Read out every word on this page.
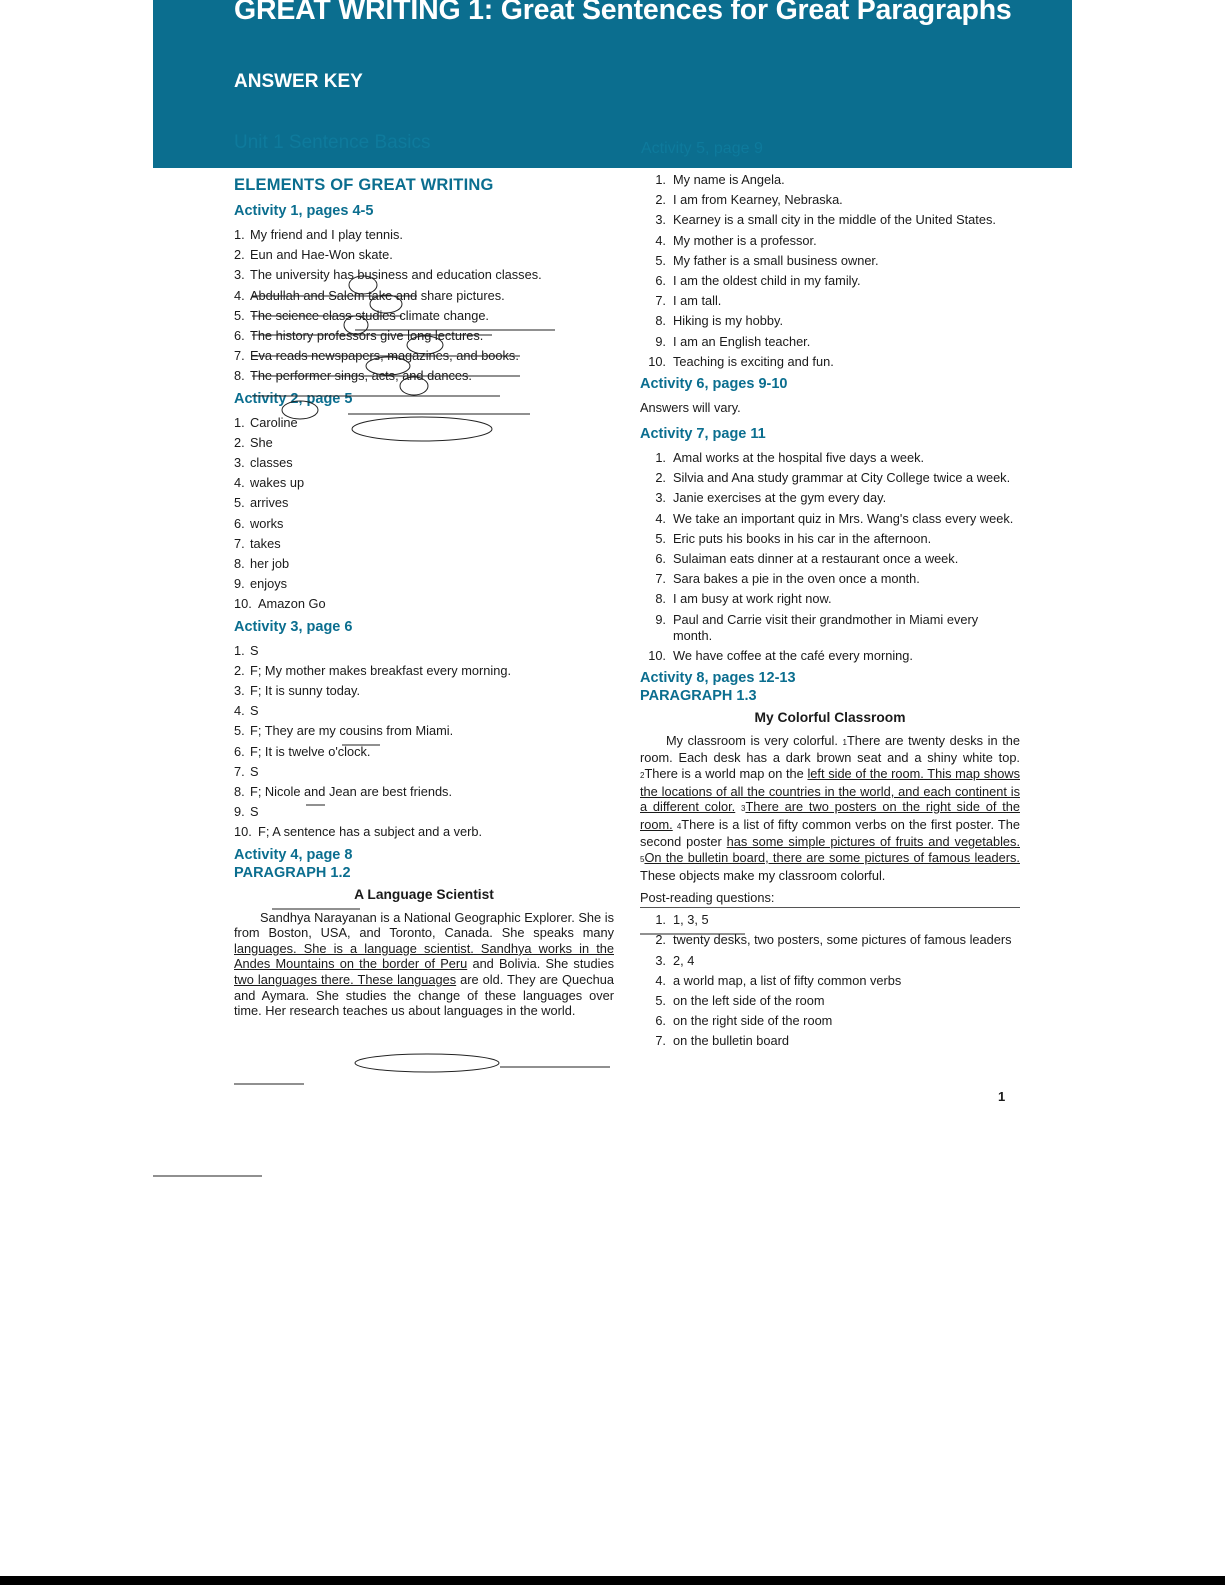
GREAT WRITING 1: Great Sentences for Great Paragraphs
ANSWER KEY
Unit 1 Sentence Basics	Activity 5, page 9
ELEMENTS OF GREAT WRITING
Activity 1, pages 4-5
1. My friend and I play tennis.
2. Eun and Hae-Won skate.
3. The university has business and education classes.
4. Abdullah and Salem take and share pictures.
5. The science class studies climate change.
6. The history professors give long lectures.
7. Eva reads newspapers, magazines, and books.
8. The performer sings, acts, and dances.
Activity 2, page 5
1. Caroline
2. She
3. classes
4. wakes up
5. arrives
6. works
7. takes
8. her job
9. enjoys
10. Amazon Go
Activity 3, page 6
1. S
2. F; My mother makes breakfast every morning.
3. F; It is sunny today.
4. S
5. F; They are my cousins from Miami.
6. F; It is twelve o'clock.
7. S
8. F; Nicole and Jean are best friends.
9. S
10. F; A sentence has a subject and a verb.
Activity 4, page 8
PARAGRAPH 1.2
A Language Scientist

Sandhya Narayanan is a National Geographic Explorer. She is from Boston, USA, and Toronto, Canada. She speaks many languages. She is a language scientist. Sandhya works in the Andes Mountains on the border of Peru and Bolivia. She studies two languages there. These languages are old. They are Quechua and Aymara. She studies the change of these languages over time. Her research teaches us about languages in the world.

1. My name is Angela.
2. I am from Kearney, Nebraska.
3. Kearney is a small city in the middle of the United States.
4. My mother is a professor.
5. My father is a small business owner.
6. I am the oldest child in my family.
7. I am tall.
8. Hiking is my hobby.
9. I am an English teacher.
10. Teaching is exciting and fun.
Activity 6, pages 9-10

Answers will vary.

Activity 7, page 11
1. Amal works at the hospital five days a week.
2. Silvia and Ana study grammar at City College twice a week.
3. Janie exercises at the gym every day.
4. We take an important quiz in Mrs. Wang's class every week.
5. Eric puts his books in his car in the afternoon.
6. Sulaiman eats dinner at a restaurant once a week.
7. Sara bakes a pie in the oven once a month.
8. I am busy at work right now.
9. Paul and Carrie visit their grandmother in Miami every month.
10. We have coffee at the café every morning.
Activity 8, pages 12-13
PARAGRAPH 1.3
My Colorful Classroom

My classroom is very colorful. 1There are twenty desks in the room. Each desk has a dark brown seat and a shiny white top. 2There is a world map on the left side of the room. This map shows the locations of all the countries in the world, and each continent is a different color. 3There are two posters on the right side of the room. 4There is a list of fifty common verbs on the first poster. The second poster has some simple pictures of fruits and vegetables. 5On the bulletin board, there are some pictures of famous leaders. These objects make my classroom colorful.

Post-reading questions:
1. 1, 3, 5
2. twenty desks, two posters, some pictures of famous leaders
3. 2, 4
4. a world map, a list of fifty common verbs
5. on the left side of the room
6. on the right side of the room
7. on the bulletin board
1
